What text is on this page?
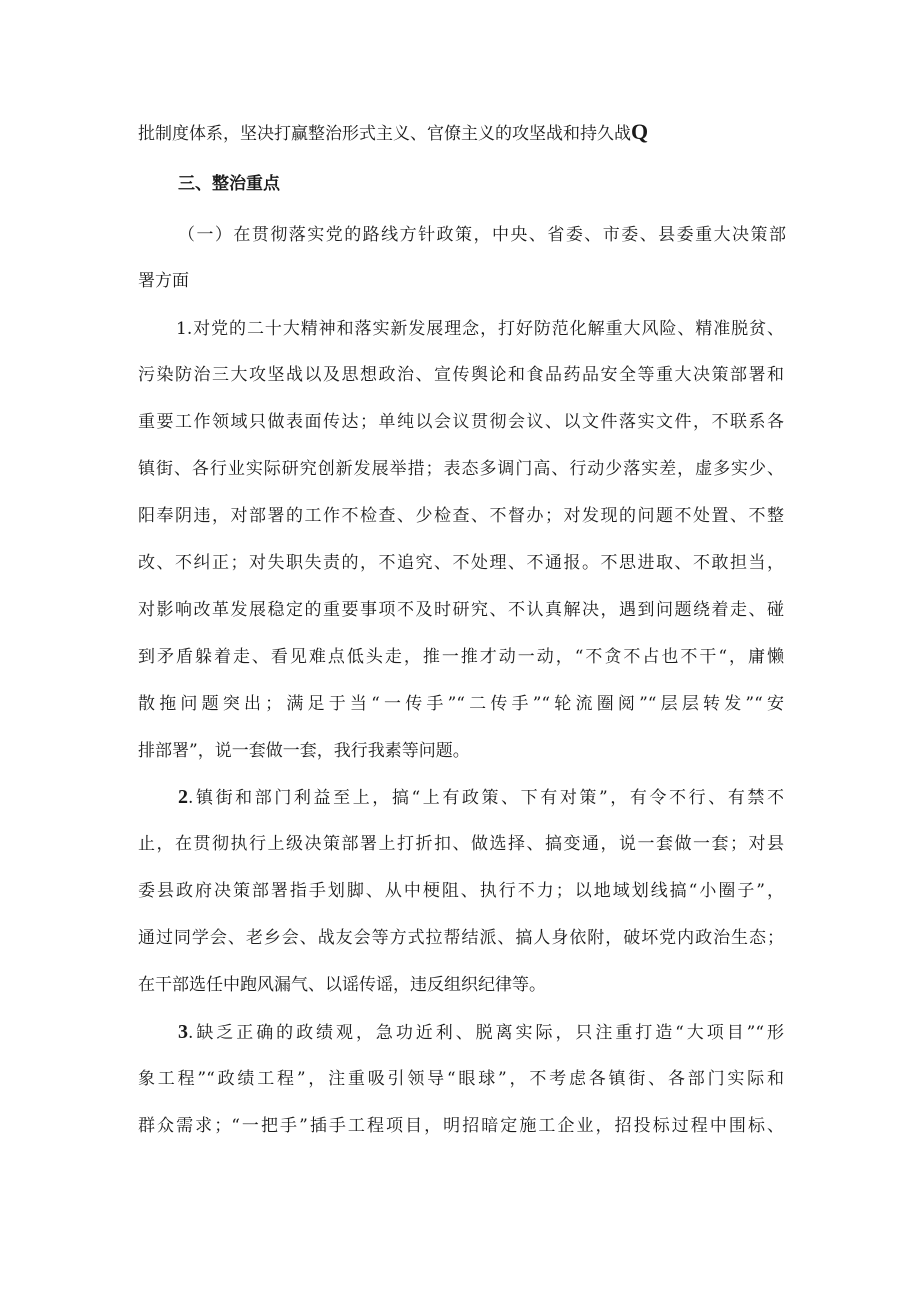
批制度体系，坚决打赢整治形式主义、官僚主义的攻坚战和持久战Q
三、整治重点
（一）在贯彻落实党的路线方针政策，中央、省委、市委、县委重大决策部
署方面
1.对党的二十大精神和落实新发展理念，打好防范化解重大风险、精准脱贫、
污染防治三大攻坚战以及思想政治、宣传舆论和食品药品安全等重大决策部署和
重要工作领域只做表面传达；单纯以会议贯彻会议、以文件落实文件，不联系各
镇街、各行业实际研究创新发展举措；表态多调门高、行动少落实差，虚多实少、
阳奉阴违，对部署的工作不检查、少检查、不督办；对发现的问题不处置、不整
改、不纠正；对失职失责的，不追究、不处理、不通报。不思进取、不敢担当，
对影响改革发展稳定的重要事项不及时研究、不认真解决，遇到问题绕着走、碰
到矛盾躲着走、看见难点低头走，推一推才动一动，“不贪不占也不干“，庸懒
散拖问题突出；满足于当“一传手”“二传手”“轮流圈阅”“层层转发”“安
排部署”，说一套做一套，我行我素等问题。
2 .镇街和部门利益至上，搞“上有政策、下有对策”，有令不行、有禁不
止，在贯彻执行上级决策部署上打折扣、做选择、搞变通，说一套做一套；对县
委县政府决策部署指手划脚、从中梗阻、执行不力；以地域划线搞“小圈子”，
通过同学会、老乡会、战友会等方式拉帮结派、搞人身依附，破坏党内政治生态；
在干部选任中跑风漏气、以谣传谣，违反组织纪律等。
3 .缺乏正确的政绩观，急功近利、脱离实际，只注重打造“大项目”“形
象工程”“政绩工程”，注重吸引领导“眼球”，不考虑各镇街、各部门实际和
群众需求；“一把手”插手工程项目，明招暗定施工企业，招投标过程中围标、
